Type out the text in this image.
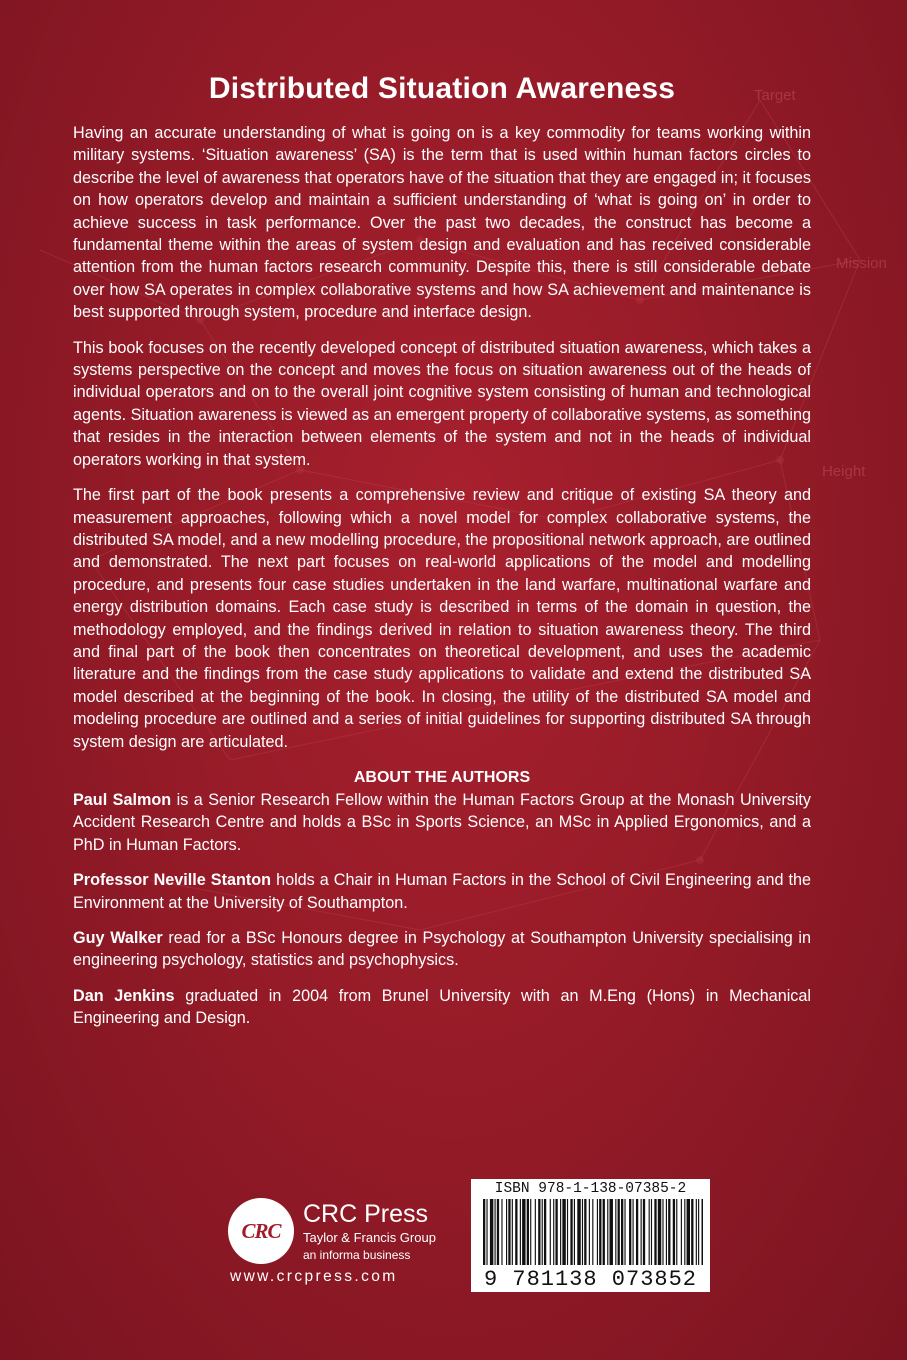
Mission
Height
Target
Distributed Situation Awareness

Having an accurate understanding of what is going on is a key commodity for teams working within military systems. ‘Situation awareness’ (SA) is the term that is used within human factors circles to describe the level of awareness that operators have of the situation that they are engaged in; it focuses on how operators develop and maintain a sufficient understanding of ‘what is going on’ in order to achieve success in task performance. Over the past two decades, the construct has become a fundamental theme within the areas of system design and evaluation and has received considerable attention from the human factors research community. Despite this, there is still considerable debate over how SA operates in complex collaborative systems and how SA achievement and maintenance is best supported through system, procedure and interface design.

This book focuses on the recently developed concept of distributed situation awareness, which takes a systems perspective on the concept and moves the focus on situation awareness out of the heads of individual operators and on to the overall joint cognitive system consisting of human and technological agents. Situation awareness is viewed as an emergent property of collaborative systems, as something that resides in the interaction between elements of the system and not in the heads of individual operators working in that system.

The first part of the book presents a comprehensive review and critique of existing SA theory and measurement approaches, following which a novel model for complex collaborative systems, the distributed SA model, and a new modelling procedure, the propositional network approach, are outlined and demonstrated. The next part focuses on real-world applications of the model and modelling procedure, and presents four case studies undertaken in the land warfare, multinational warfare and energy distribution domains. Each case study is described in terms of the domain in question, the methodology employed, and the findings derived in relation to situation awareness theory. The third and final part of the book then concentrates on theoretical development, and uses the academic literature and the findings from the case study applications to validate and extend the distributed SA model described at the beginning of the book. In closing, the utility of the distributed SA model and modeling procedure are outlined and a series of initial guidelines for supporting distributed SA through system design are articulated.

ABOUT THE AUTHORS

Paul Salmon is a Senior Research Fellow within the Human Factors Group at the Monash University Accident Research Centre and holds a BSc in Sports Science, an MSc in Applied Ergonomics, and a PhD in Human Factors.

Professor Neville Stanton holds a Chair in Human Factors in the School of Civil Engineering and the Environment at the University of Southampton.

Guy Walker read for a BSc Honours degree in Psychology at Southampton University specialising in engineering psychology, statistics and psychophysics.

Dan Jenkins graduated in 2004 from Brunel University with an M.Eng (Hons) in Mechanical Engineering and Design.

CRC
CRC Press
Taylor & Francis Group
an informa business
www.crcpress.com
ISBN 978-1-138-07385-2
9 781138 073852
